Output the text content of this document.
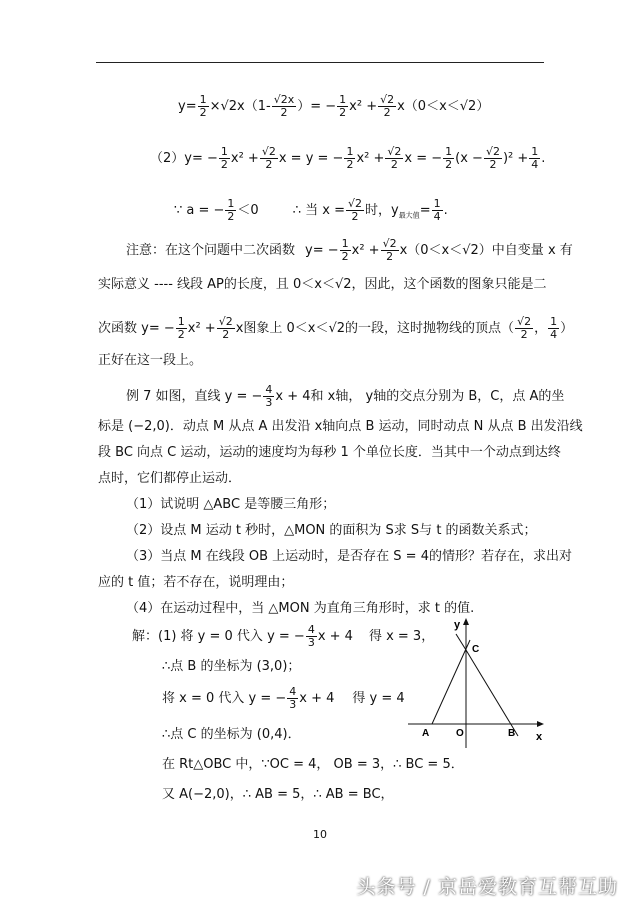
$y= \frac{1}{2} \times√2x(1- \frac{√2x}{2}$ ）= − $\frac{1}{2} x^2 + \frac{√2}{2} x(0<x<√2)$
$(2)y= - \frac{1}{2} x^2 + \frac{√2}{2}$ x = y = − $\frac{1}{2} x^2 + \frac{√2}{2}$ x = − $\frac{1}{2} (x - \frac{√2}{2} )^2 + \frac{1}{4}$ .
∵ a = − $\frac{1}{2} <0$	∴ 当 $x = \frac{√2}{2}$ 时，$y_{最大值}= \frac{1}{4}$ .
注意：在这个问题中二次函数 $y= - \frac{1}{2} x^2 + \frac{√2}{2} x(0<x<√2)$中自变量 x 有
实际意义 ---- 线段 AP的长度，且 0＜x＜√2，因此，这个函数的图象只能是二
次函数 $y= - \frac{1}{2} x^2 + \frac{√2}{2}$ x图象上 0＜x＜√2的一段，这时抛物线的顶点（ $\frac{√2}{2}$ ， $\frac{1}{4}$ ）
正好在这一段上。
例 7 如图，直线 y = − $\frac{4}{3}$ x + 4和 x轴， y轴的交点分别为 B，C，点 A的坐
标是 (−2,0)．动点 M 从点 A 出发沿 x轴向点 B 运动，同时动点 N 从点 B 出发沿线
段 BC 向点 C 运动，运动的速度均为每秒 1 个单位长度．当其中一个动点到达终
点时，它们都停止运动．
（1）试说明 △ABC 是等腰三角形；
（2）设点 M 运动 t 秒时，△MON 的面积为 S求 S与 t 的函数关系式；
（3）当点 M 在线段 OB 上运动时，是否存在 S = 4的情形？若存在，求出对
应的 t 值；若不存在，说明理由；
（4）在运动过程中，当 △MON 为直角三角形时，求 t 的值.
解：(1) 将 y = 0 代入 y = − $\frac{4}{3}$ x + 4 得 x = 3，
∴点 B 的坐标为 (3,0)；
将 x = 0 代入 y = − $\frac{4}{3}$ x + 4 得 y = 4
∴点 C 的坐标为 (0,4)．
在 Rt△OBC 中，∵OC = 4， OB = 3，∴ BC = 5．
又 A(−2,0)，∴ AB = 5，∴ AB = BC，
y
x
C
A	O	B
10
头条号 / 京岳爱教育互帮互助
